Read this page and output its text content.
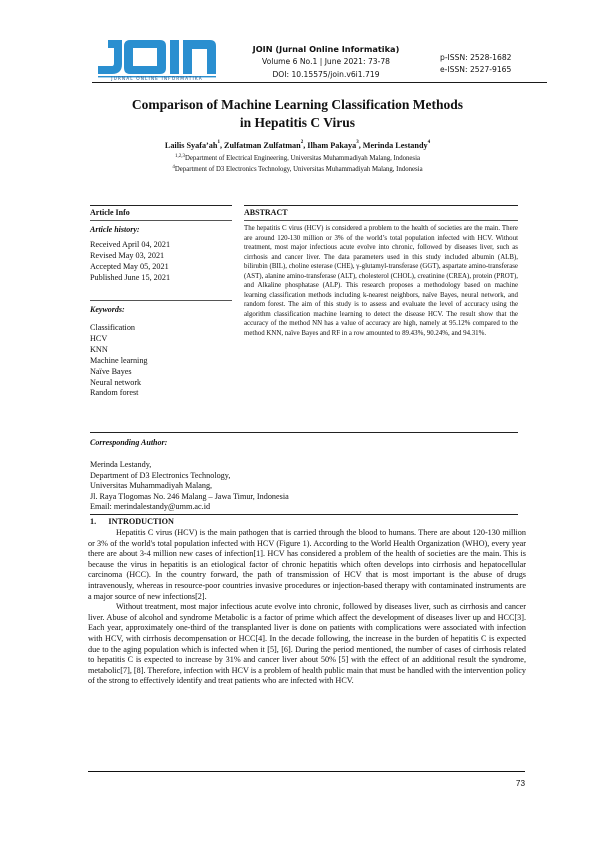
JURNAL ONLINE INFORMATIKA
JOIN (Jurnal Online Informatika)
Volume 6 No.1 | June 2021: 73-78
DOI: 10.15575/join.v6i1.719
p-ISSN: 2528-1682
e-ISSN: 2527-9165
Comparison of Machine Learning Classification Methods
in Hepatitis C Virus
Lailis $Syafa’ah^1$, Zulfatman Zulfatman$^2$, Ilham Pakaya$^3$, Merinda Lestandy$^4$
$^{1,2,3}$Department of Electrical Engineering, Universitas Muhammadiyah Malang, Indonesia
$^4$Department of D3 Electronics Technology, Universitas Muhammadiyah Malang, Indonesia
Article Info
Article history:
Received April 04, 2021
Revised May 03, 2021
Accepted May 05, 2021
Published June 15, 2021
Keywords:
Classification
HCV
KNN
Machine learning
Naïve Bayes
Neural network
Random forest
ABSTRACT
The hepatitis C virus (HCV) is considered a problem to the health of societies are the main. There are around 120-130 million or 3% of the world’s total population infected with HCV. Without treatment, most major infectious acute evolve into chronic, followed by diseases liver, such as cirrhosis and cancer liver. The data parameters used in this study included albumin (ALB), bilirubin (BIL), choline esterase (CHE), γ-glutamyl-transferase (GGT), aspartate amino-transferase (AST), alanine amino-transferase (ALT), cholesterol (CHOL), creatinine (CREA), protein (PROT), and Alkaline phosphatase (ALP). This research proposes a methodology based on machine learning classification methods including k-nearest neighbors, naïve Bayes, neural network, and random forest. The aim of this study is to assess and evaluate the level of accuracy using the algorithm classification machine learning to detect the disease HCV. The result show that the accuracy of the method NN has a value of accuracy are high, namely at 95.12% compared to the method KNN, naïve Bayes and RF in a row amounted to 89.43%, 90.24%, and 94.31%.
Corresponding Author:
Merinda Lestandy,
Department of D3 Electronics Technology,
Universitas Muhammadiyah Malang,
Jl. Raya Tlogomas No. 246 Malang – Jawa Timur, Indonesia
Email: merindalestandy@umm.ac.id
1.      INTRODUCTION

Hepatitis C virus (HCV) is the main pathogen that is carried through the blood to humans. There are about 120-130 million or 3% of the world's total population infected with HCV (Figure 1). According to the World Health Organization (WHO), every year there are about 3-4 million new cases of infection[1]. HCV has considered a problem of the health of societies are the main. This is because the virus in hepatitis is an etiological factor of chronic hepatitis which often develops into cirrhosis and hepatocellular carcinoma (HCC). In the country forward, the path of transmission of HCV that is most important is the abuse of drugs intravenously, whereas in resource-poor countries invasive procedures or injection-based therapy with contaminated instruments are a major source of new infections[2].

Without treatment, most major infectious acute evolve into chronic, followed by diseases liver, such as cirrhosis and cancer liver. Abuse of alcohol and syndrome Metabolic is a factor of prime which affect the development of diseases liver up and HCC[3]. Each year, approximately one-third of the transplanted liver is done on patients with complications were associated with infection with HCV, with cirrhosis decompensation or HCC[4]. In the decade following, the increase in the burden of hepatitis C is expected due to the aging population which is infected when it [5], [6]. During the period mentioned, the number of cases of cirrhosis related to hepatitis C is expected to increase by 31% and cancer liver about 50% [5] with the effect of an additional result the syndrome, metabolic[7], [8]. Therefore, infection with HCV is a problem of health public main that must be handled with the intervention policy of the strong to effectively identify and treat patients who are infected with HCV.

73
